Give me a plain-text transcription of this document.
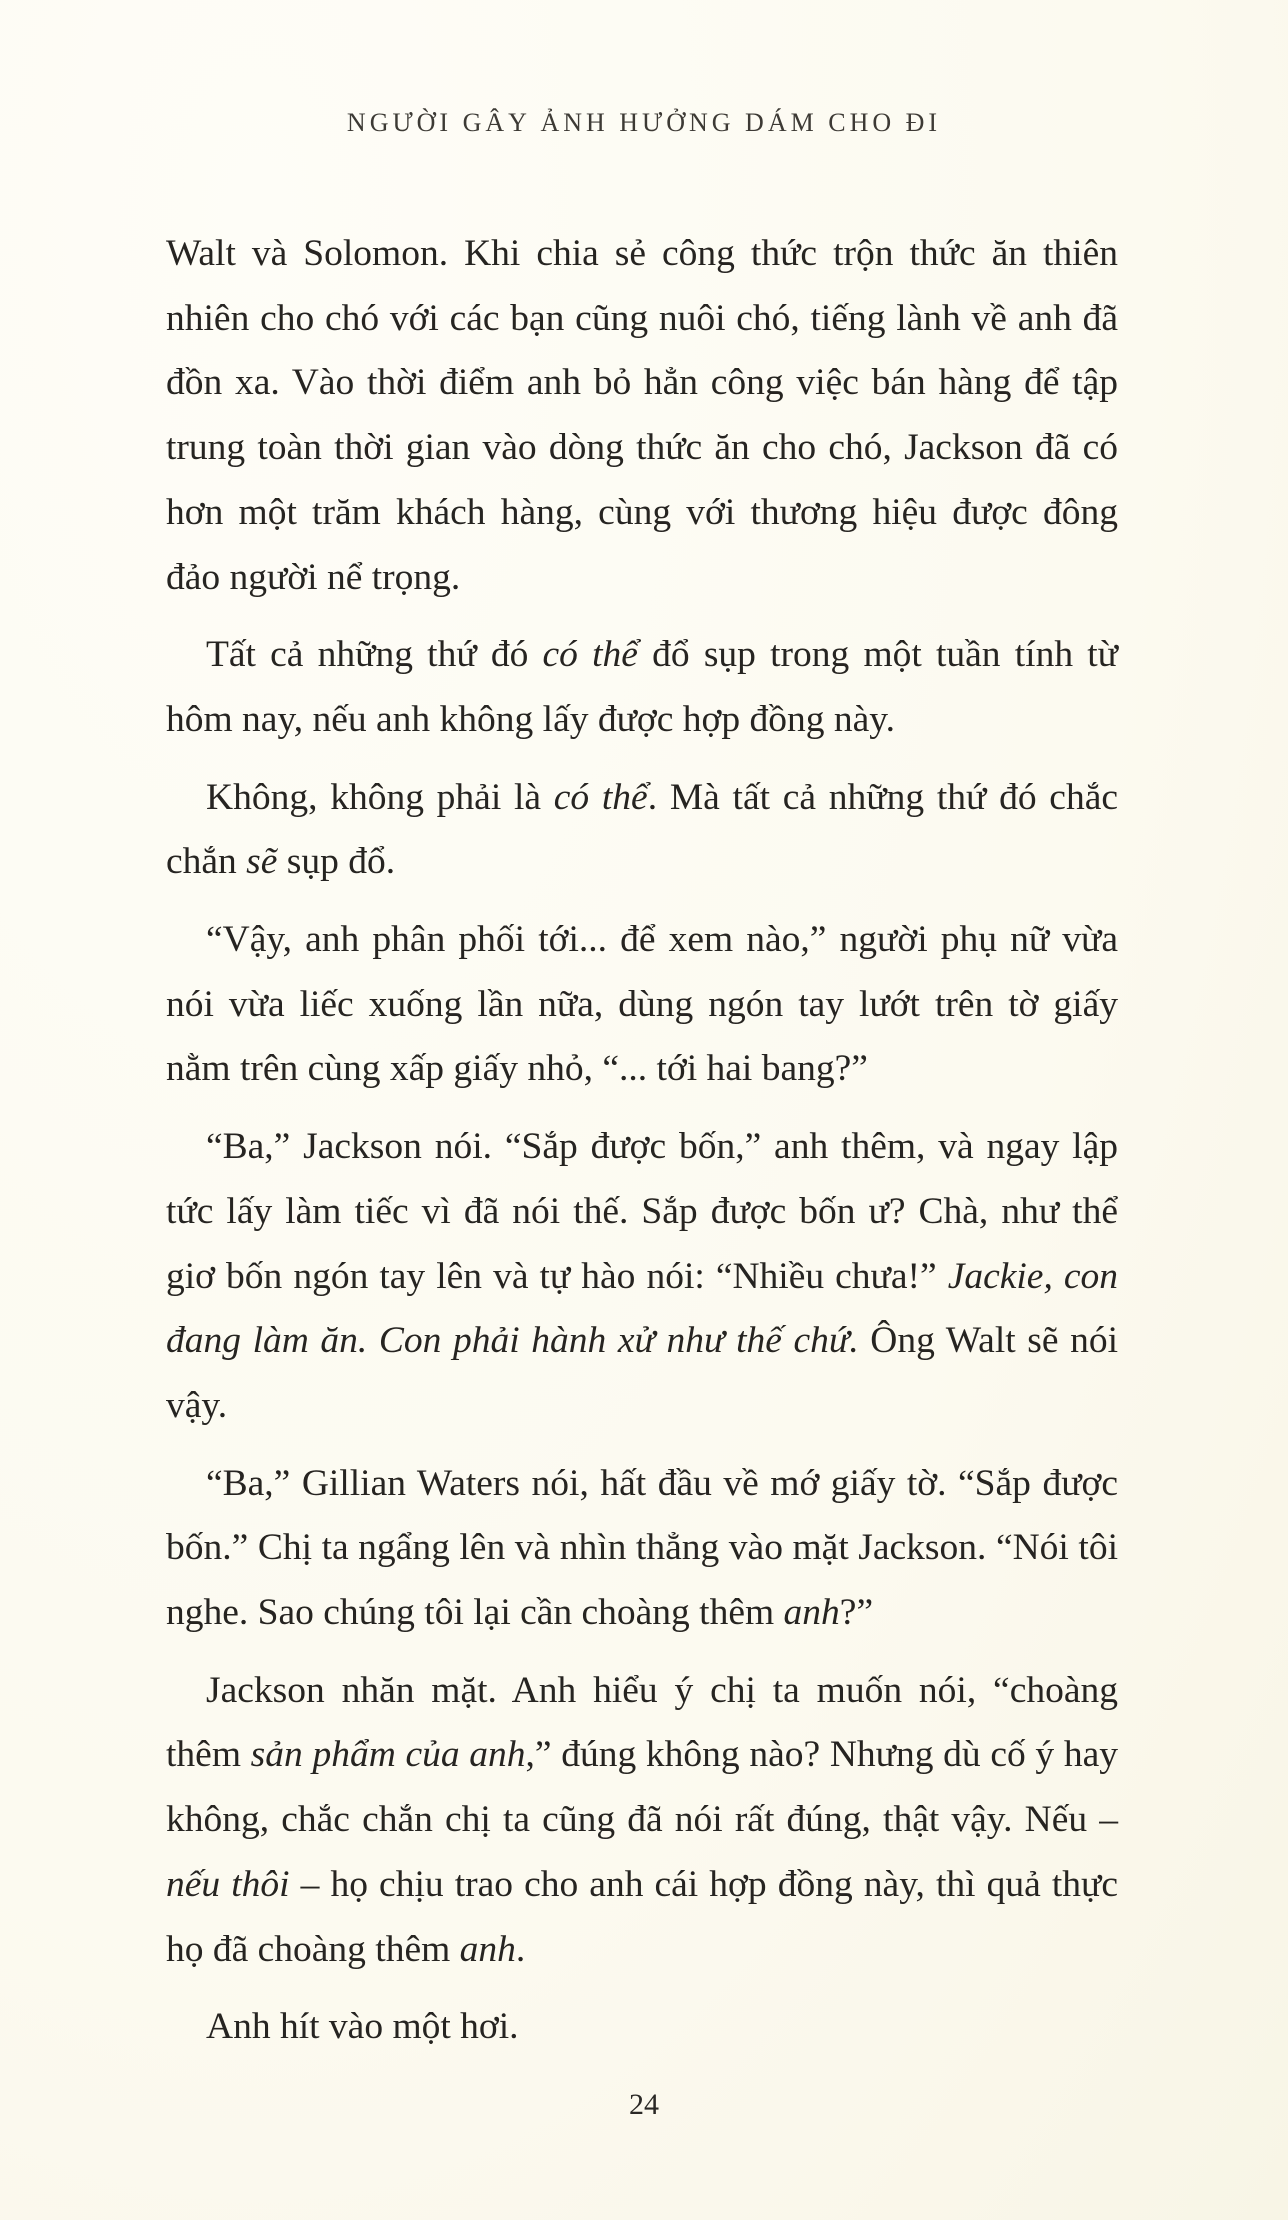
NGƯỜI GÂY ẢNH HƯỞNG DÁM CHO ĐI

Walt và Solomon. Khi chia sẻ công thức trộn thức ăn thiên nhiên cho chó với các bạn cũng nuôi chó, tiếng lành về anh đã đồn xa. Vào thời điểm anh bỏ hẳn công việc bán hàng để tập trung toàn thời gian vào dòng thức ăn cho chó, Jackson đã có hơn một trăm khách hàng, cùng với thương hiệu được đông đảo người nể trọng.

Tất cả những thứ đó có thể đổ sụp trong một tuần tính từ hôm nay, nếu anh không lấy được hợp đồng này.

Không, không phải là có thể. Mà tất cả những thứ đó chắc chắn sẽ sụp đổ.

“Vậy, anh phân phối tới... để xem nào,” người phụ nữ vừa nói vừa liếc xuống lần nữa, dùng ngón tay lướt trên tờ giấy nằm trên cùng xấp giấy nhỏ, “... tới hai bang?”

“Ba,” Jackson nói. “Sắp được bốn,” anh thêm, và ngay lập tức lấy làm tiếc vì đã nói thế. Sắp được bốn ư? Chà, như thể giơ bốn ngón tay lên và tự hào nói: “Nhiều chưa!” Jackie, con đang làm ăn. Con phải hành xử như thế chứ. Ông Walt sẽ nói vậy.

“Ba,” Gillian Waters nói, hất đầu về mớ giấy tờ. “Sắp được bốn.” Chị ta ngẩng lên và nhìn thẳng vào mặt Jackson. “Nói tôi nghe. Sao chúng tôi lại cần choàng thêm anh?”

Jackson nhăn mặt. Anh hiểu ý chị ta muốn nói, “choàng thêm sản phẩm của anh,” đúng không nào? Nhưng dù cố ý hay không, chắc chắn chị ta cũng đã nói rất đúng, thật vậy. Nếu – nếu thôi – họ chịu trao cho anh cái hợp đồng này, thì quả thực họ đã choàng thêm anh.

Anh hít vào một hơi.

24
